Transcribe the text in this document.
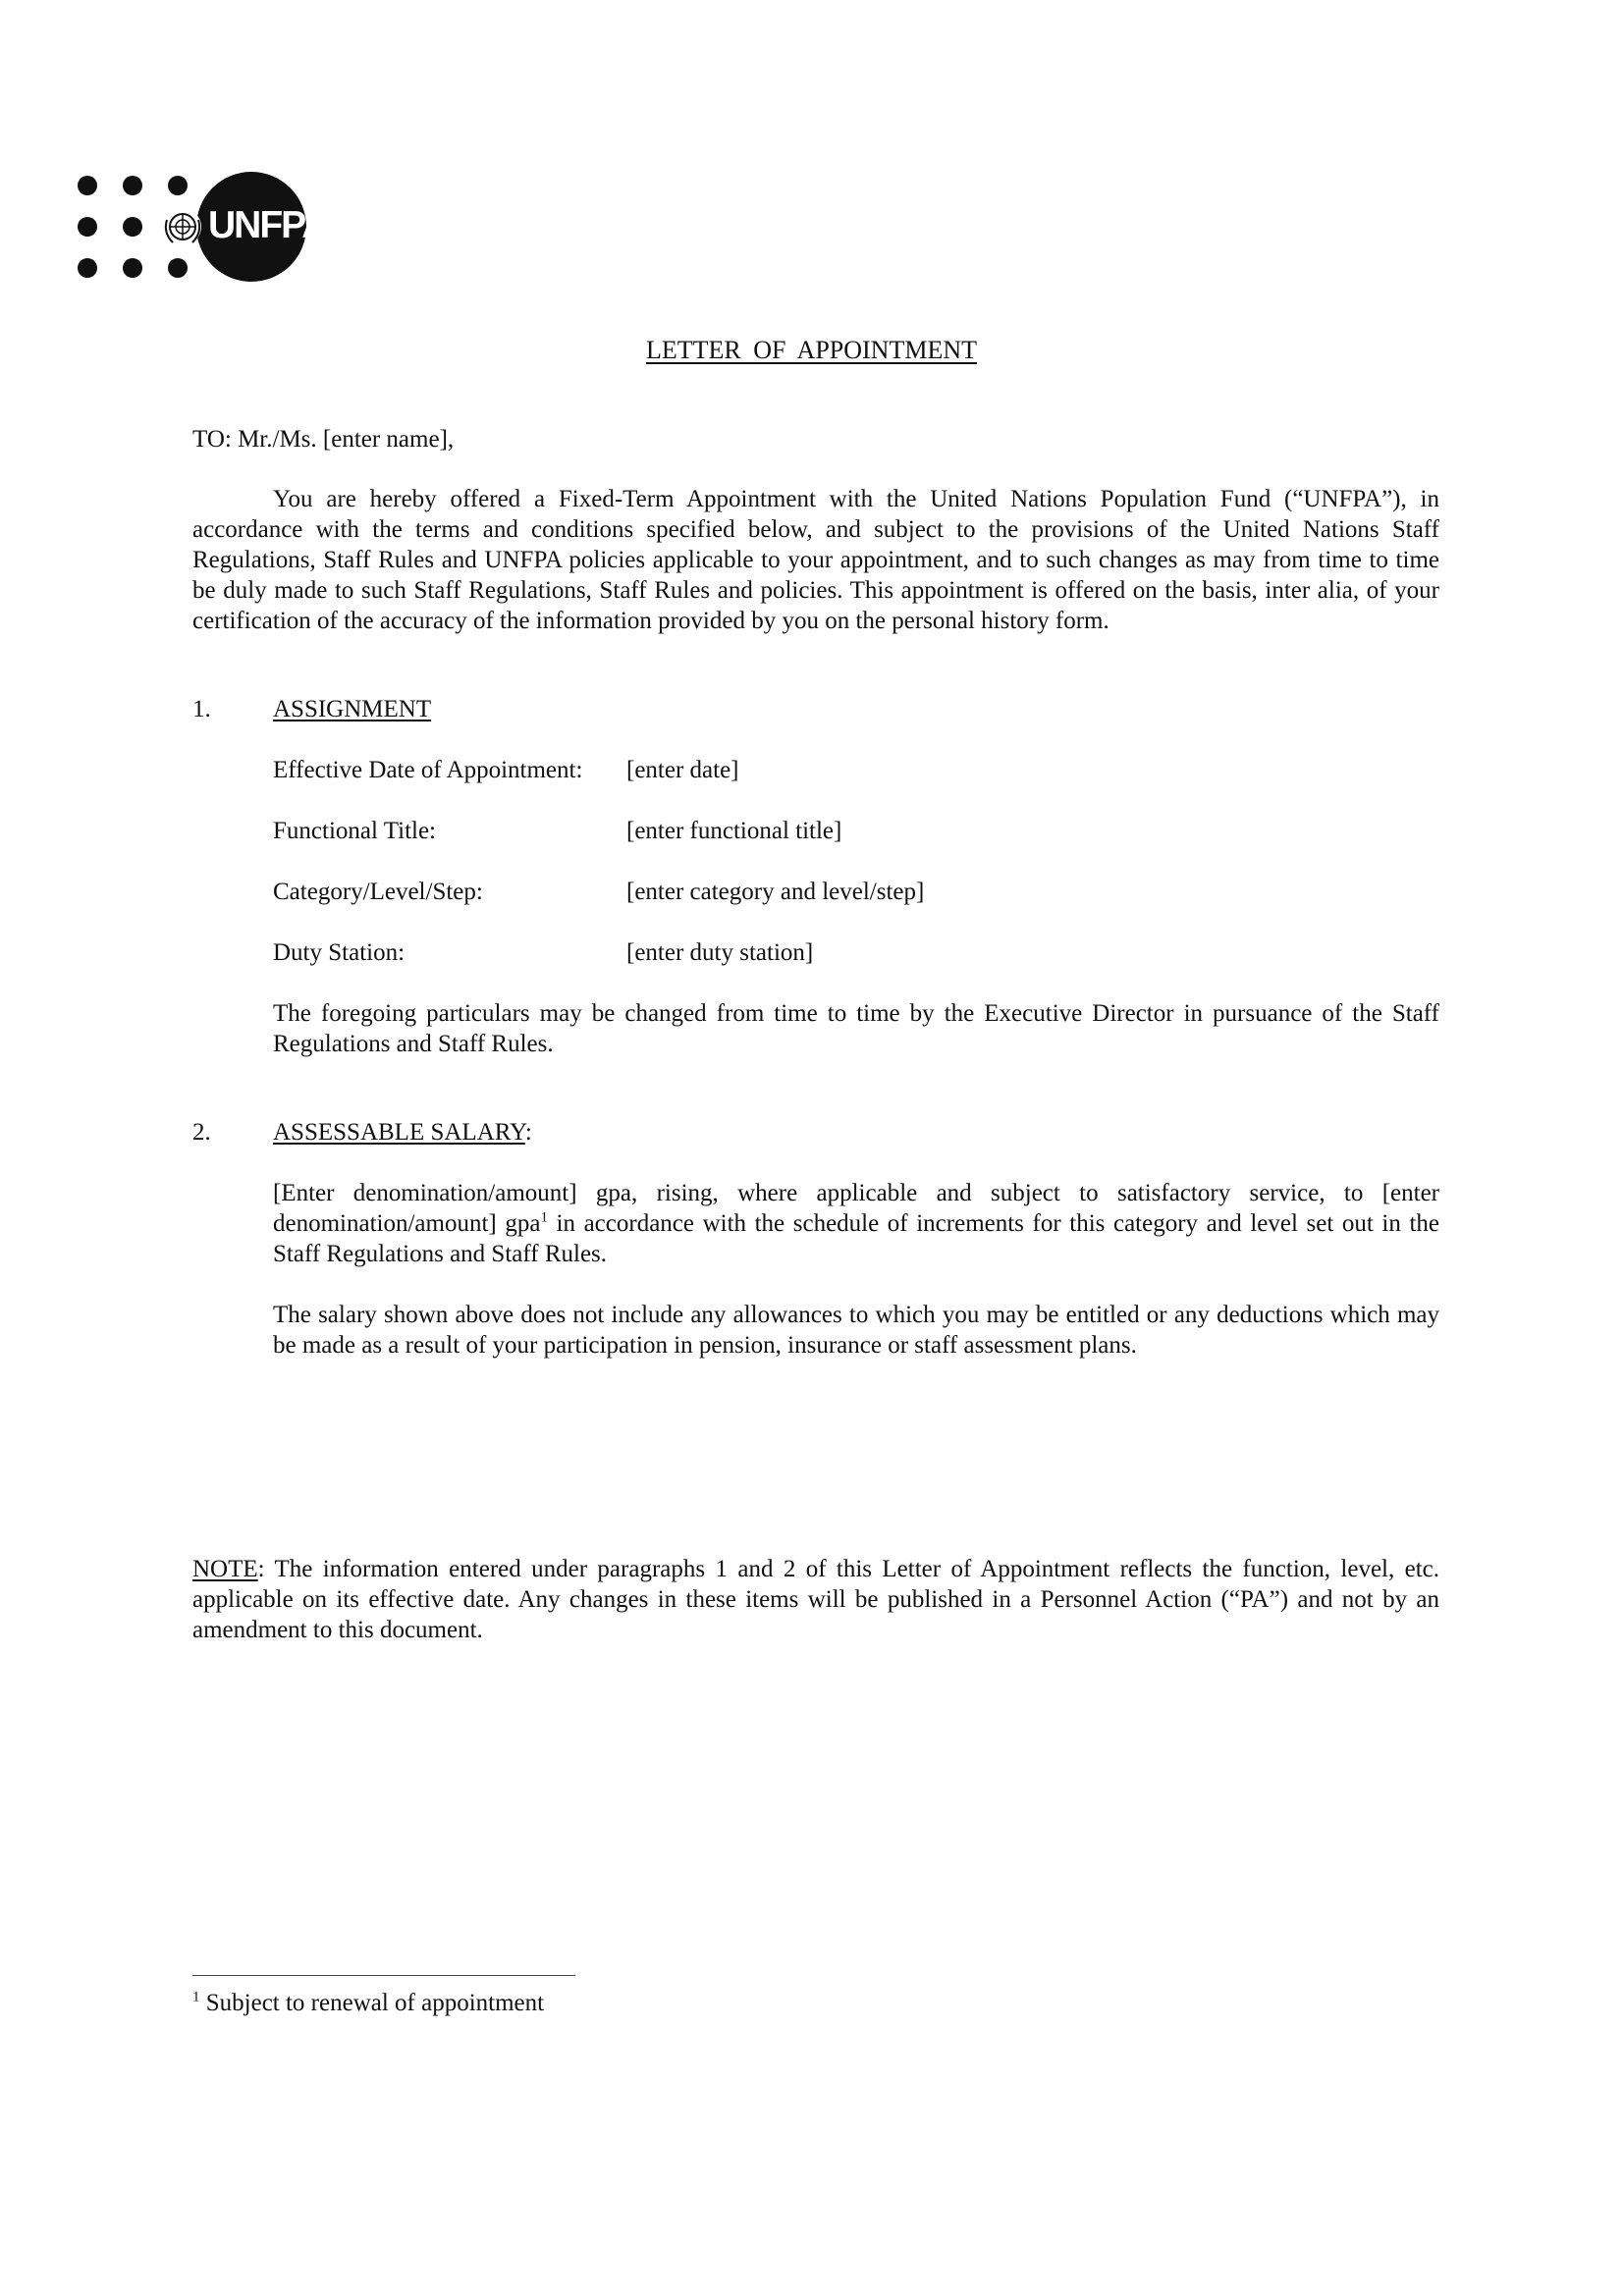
UNFPA
LETTER OF APPOINTMENT

TO: Mr./Ms. [enter name],

You are hereby offered a Fixed-Term Appointment with the United Nations Population Fund (“UNFPA”), in accordance with the terms and conditions specified below, and subject to the provisions of the United Nations Staff Regulations, Staff Rules and UNFPA policies applicable to your appointment, and to such changes as may from time to time be duly made to such Staff Regulations, Staff Rules and policies. This appointment is offered on the basis, inter alia, of your certification of the accuracy of the information provided by you on the personal history form.

1.	ASSIGNMENT
Effective Date of Appointment:	[enter date]
Functional Title:	[enter functional title]
Category/Level/Step:	[enter category and level/step]
Duty Station:	[enter duty station]

The foregoing particulars may be changed from time to time by the Executive Director in pursuance of the Staff Regulations and Staff Rules.

2.	ASSESSABLE SALARY:

[Enter denomination/amount] gpa, rising, where applicable and subject to satisfactory service, to [enter denomination/amount] gpa$^1$ in accordance with the schedule of increments for this category and level set out in the Staff Regulations and Staff Rules.

The salary shown above does not include any allowances to which you may be entitled or any deductions which may be made as a result of your participation in pension, insurance or staff assessment plans.

NOTE: The information entered under paragraphs 1 and 2 of this Letter of Appointment reflects the function, level, etc. applicable on its effective date. Any changes in these items will be published in a Personnel Action (“PA”) and not by an amendment to this document.

$^1$ Subject to renewal of appointment
